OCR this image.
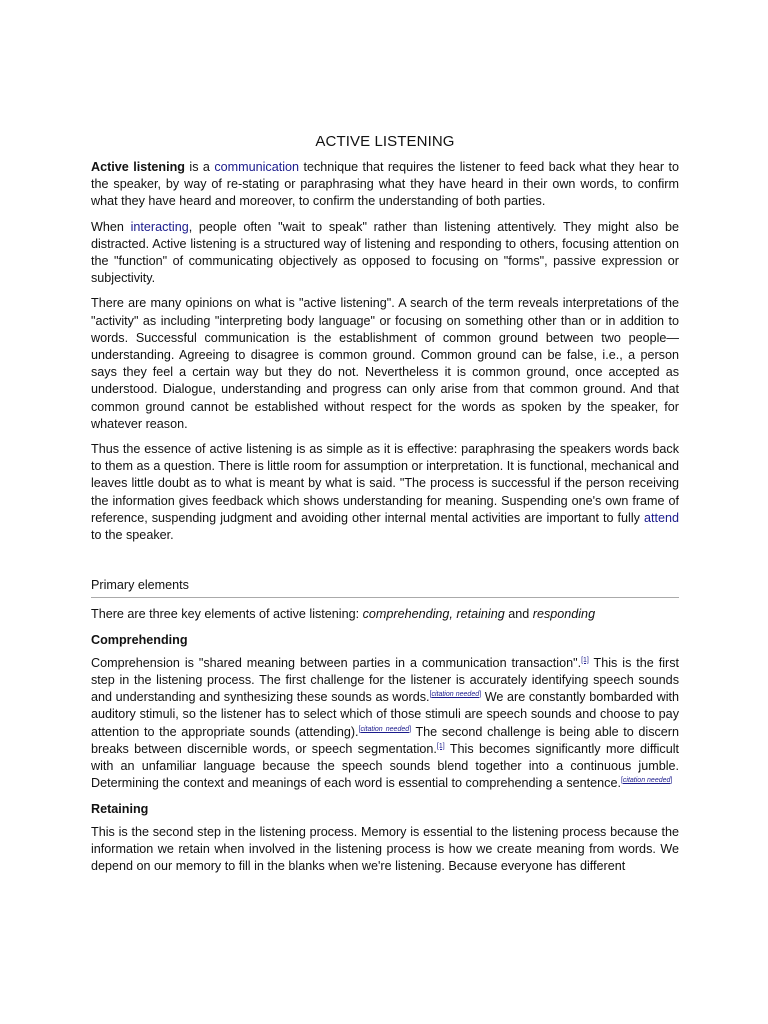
ACTIVE LISTENING

Active listening is a communication technique that requires the listener to feed back what they hear to the speaker, by way of re-stating or paraphrasing what they have heard in their own words, to confirm what they have heard and moreover, to confirm the understanding of both parties.

When interacting, people often "wait to speak" rather than listening attentively. They might also be distracted. Active listening is a structured way of listening and responding to others, focusing attention on the "function" of communicating objectively as opposed to focusing on "forms", passive expression or subjectivity.

There are many opinions on what is "active listening". A search of the term reveals interpretations of the "activity" as including "interpreting body language" or focusing on something other than or in addition to words. Successful communication is the establishment of common ground between two people—understanding. Agreeing to disagree is common ground. Common ground can be false, i.e., a person says they feel a certain way but they do not. Nevertheless it is common ground, once accepted as understood. Dialogue, understanding and progress can only arise from that common ground. And that common ground cannot be established without respect for the words as spoken by the speaker, for whatever reason.

Thus the essence of active listening is as simple as it is effective: paraphrasing the speakers words back to them as a question. There is little room for assumption or interpretation. It is functional, mechanical and leaves little doubt as to what is meant by what is said. "The process is successful if the person receiving the information gives feedback which shows understanding for meaning. Suspending one's own frame of reference, suspending judgment and avoiding other internal mental activities are important to fully attend to the speaker.

Primary elements

There are three key elements of active listening: comprehending, retaining and responding

Comprehending

Comprehension is "shared meaning between parties in a communication transaction".[1] This is the first step in the listening process. The first challenge for the listener is accurately identifying speech sounds and understanding and synthesizing these sounds as words.[citation needed] We are constantly bombarded with auditory stimuli, so the listener has to select which of those stimuli are speech sounds and choose to pay attention to the appropriate sounds (attending).[citation needed] The second challenge is being able to discern breaks between discernible words, or speech segmentation.[1] This becomes significantly more difficult with an unfamiliar language because the speech sounds blend together into a continuous jumble. Determining the context and meanings of each word is essential to comprehending a sentence.[citation needed]

Retaining

This is the second step in the listening process. Memory is essential to the listening process because the information we retain when involved in the listening process is how we create meaning from words. We depend on our memory to fill in the blanks when we're listening. Because everyone has different
